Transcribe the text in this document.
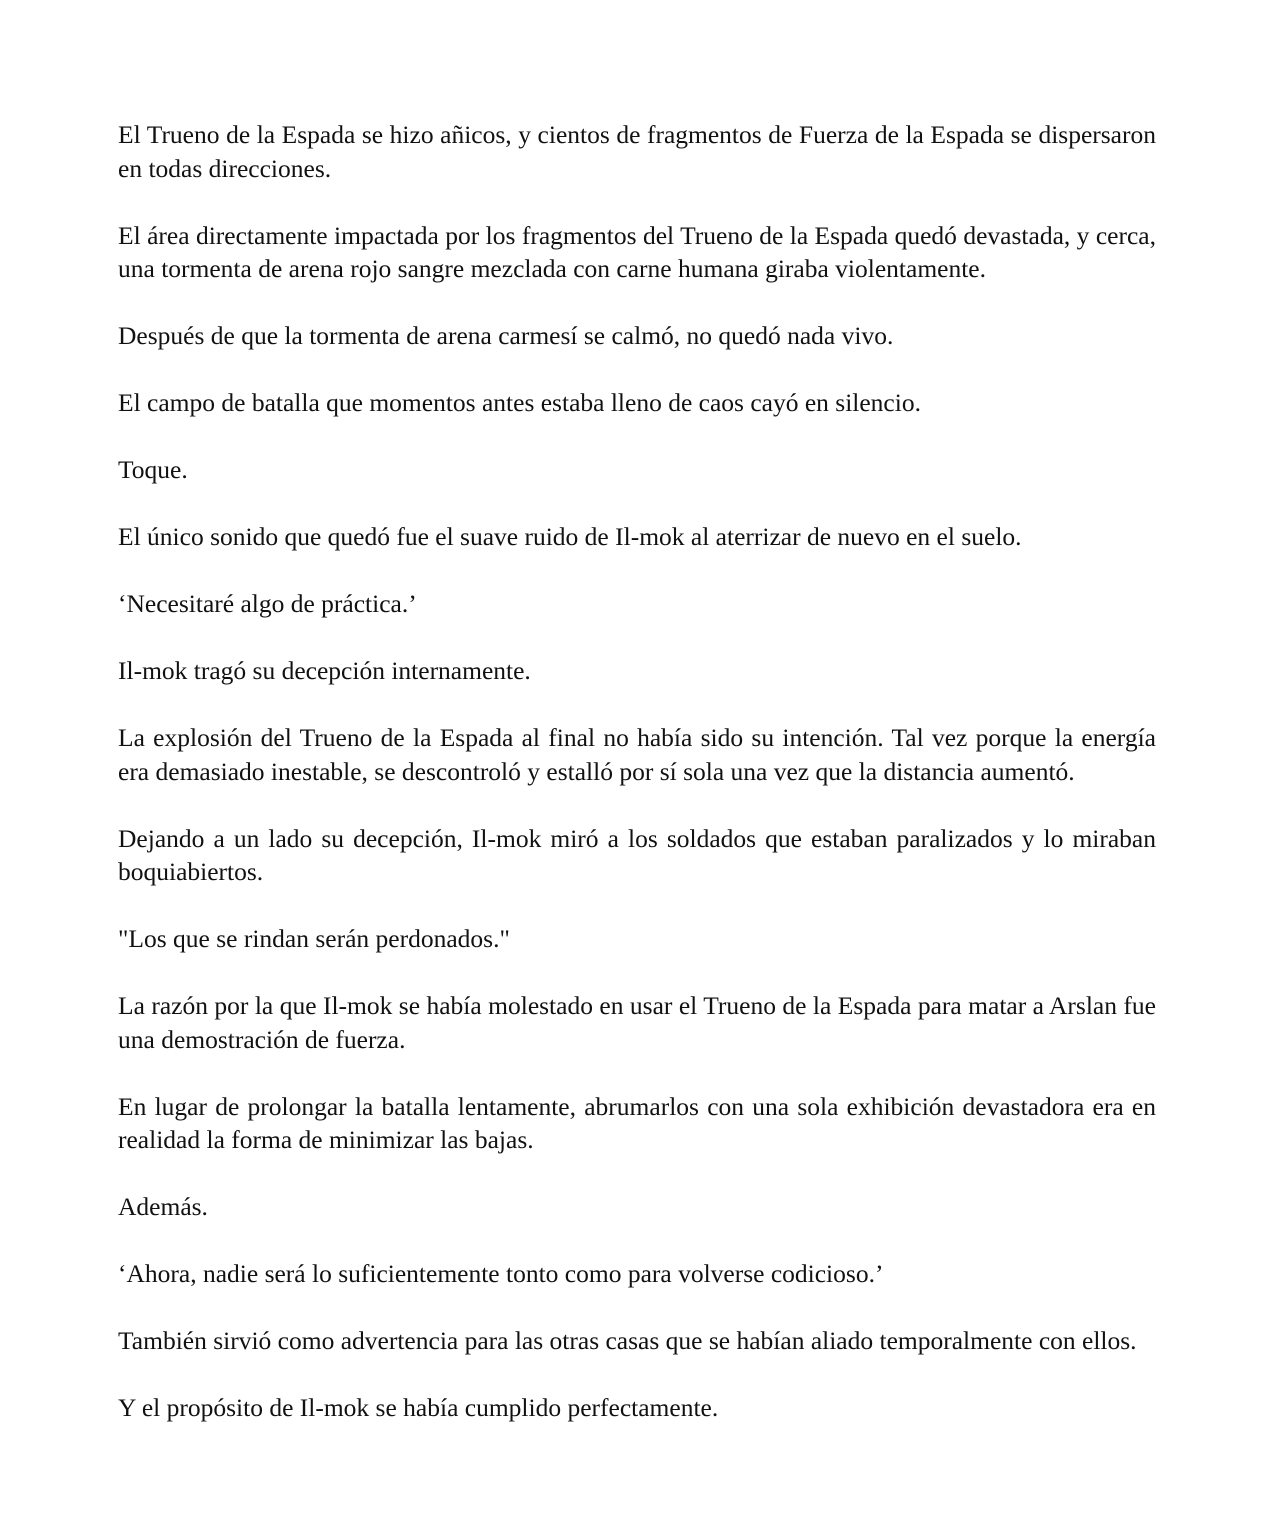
El Trueno de la Espada se hizo añicos, y cientos de fragmentos de Fuerza de la Espada se dispersaron en todas direcciones.

El área directamente impactada por los fragmentos del Trueno de la Espada quedó devastada, y cerca, una tormenta de arena rojo sangre mezclada con carne humana giraba violentamente.

Después de que la tormenta de arena carmesí se calmó, no quedó nada vivo.

El campo de batalla que momentos antes estaba lleno de caos cayó en silencio.

Toque.

El único sonido que quedó fue el suave ruido de Il-mok al aterrizar de nuevo en el suelo.

‘Necesitaré algo de práctica.’

Il-mok tragó su decepción internamente.

La explosión del Trueno de la Espada al final no había sido su intención. Tal vez porque la energía era demasiado inestable, se descontroló y estalló por sí sola una vez que la distancia aumentó.

Dejando a un lado su decepción, Il-mok miró a los soldados que estaban paralizados y lo miraban boquiabiertos.

"Los que se rindan serán perdonados."

La razón por la que Il-mok se había molestado en usar el Trueno de la Espada para matar a Arslan fue una demostración de fuerza.

En lugar de prolongar la batalla lentamente, abrumarlos con una sola exhibición devastadora era en realidad la forma de minimizar las bajas.

Además.

‘Ahora, nadie será lo suficientemente tonto como para volverse codicioso.’

También sirvió como advertencia para las otras casas que se habían aliado temporalmente con ellos.

Y el propósito de Il-mok se había cumplido perfectamente.
